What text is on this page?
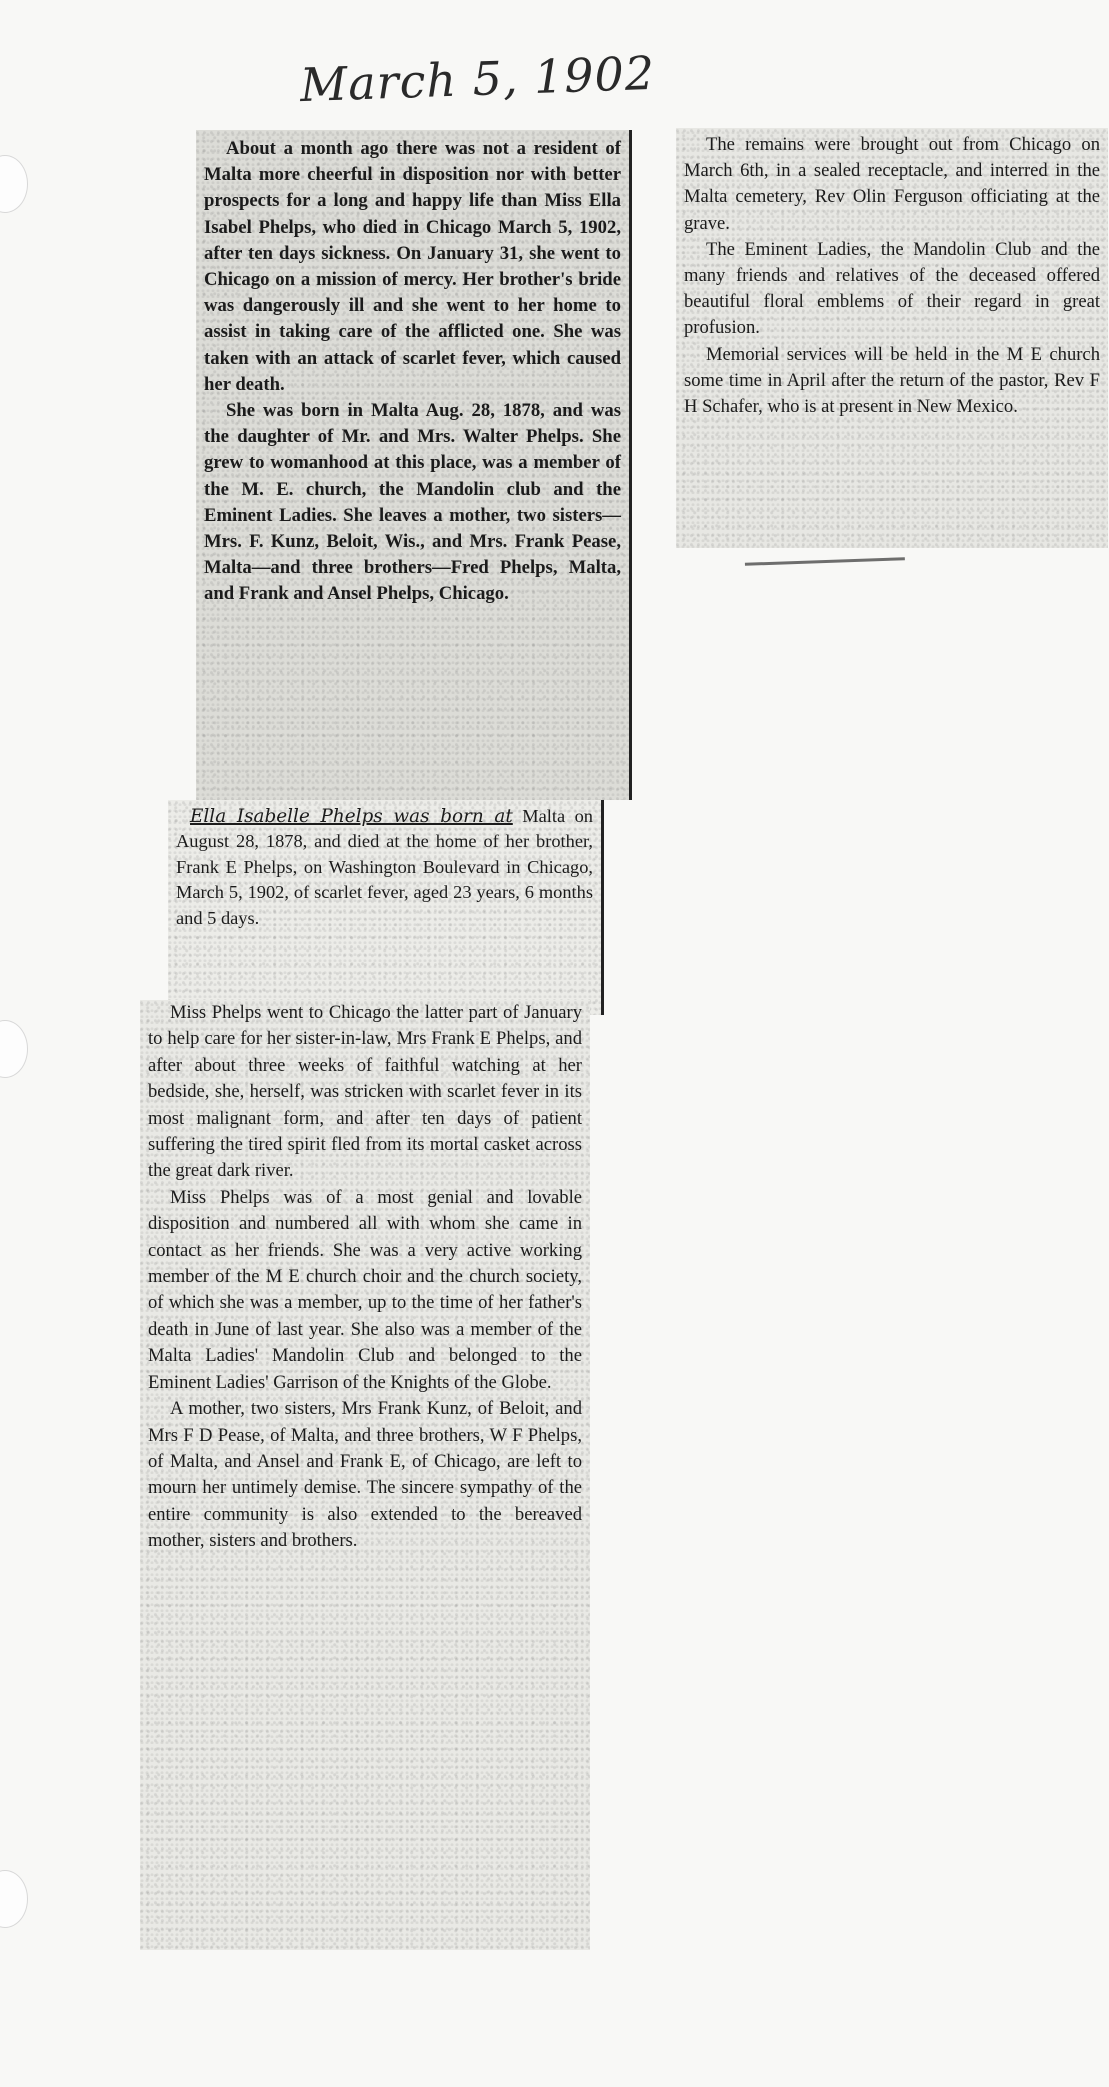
March 5, 1902

About a month ago there was not a resident of Malta more cheerful in disposition nor with better prospects for a long and happy life than Miss Ella Isabel Phelps, who died in Chicago March 5, 1902, after ten days sickness. On January 31, she went to Chicago on a mission of mercy. Her brother's bride was dangerously ill and she went to her home to assist in taking care of the afflicted one. She was taken with an attack of scarlet fever, which caused her death.

She was born in Malta Aug. 28, 1878, and was the daughter of Mr. and Mrs. Walter Phelps. She grew to womanhood at this place, was a member of the M. E. church, the Mandolin club and the Eminent Ladies. She leaves a mother, two sisters—Mrs. F. Kunz, Beloit, Wis., and Mrs. Frank Pease, Malta—and three brothers—Fred Phelps, Malta, and Frank and Ansel Phelps, Chicago.

Ella Isabelle Phelps was born at Malta on August 28, 1878, and died at the home of her brother, Frank E Phelps, on Washington Boulevard in Chicago, March 5, 1902, of scarlet fever, aged 23 years, 6 months and 5 days.

Miss Phelps went to Chicago the latter part of January to help care for her sister-in-law, Mrs Frank E Phelps, and after about three weeks of faithful watching at her bedside, she, herself, was stricken with scarlet fever in its most malignant form, and after ten days of patient suffering the tired spirit fled from its mortal casket across the great dark river.

Miss Phelps was of a most genial and lovable disposition and numbered all with whom she came in contact as her friends. She was a very active working member of the M E church choir and the church society, of which she was a member, up to the time of her father's death in June of last year. She also was a member of the Malta Ladies' Mandolin Club and belonged to the Eminent Ladies' Garrison of the Knights of the Globe.

A mother, two sisters, Mrs Frank Kunz, of Beloit, and Mrs F D Pease, of Malta, and three brothers, W F Phelps, of Malta, and Ansel and Frank E, of Chicago, are left to mourn her untimely demise. The sincere sympathy of the entire community is also extended to the bereaved mother, sisters and brothers.

The remains were brought out from Chicago on March 6th, in a sealed receptacle, and interred in the Malta cemetery, Rev Olin Ferguson officiating at the grave.

The Eminent Ladies, the Mandolin Club and the many friends and relatives of the deceased offered beautiful floral emblems of their regard in great profusion.

Memorial services will be held in the M E church some time in April after the return of the pastor, Rev F H Schafer, who is at present in New Mexico.
